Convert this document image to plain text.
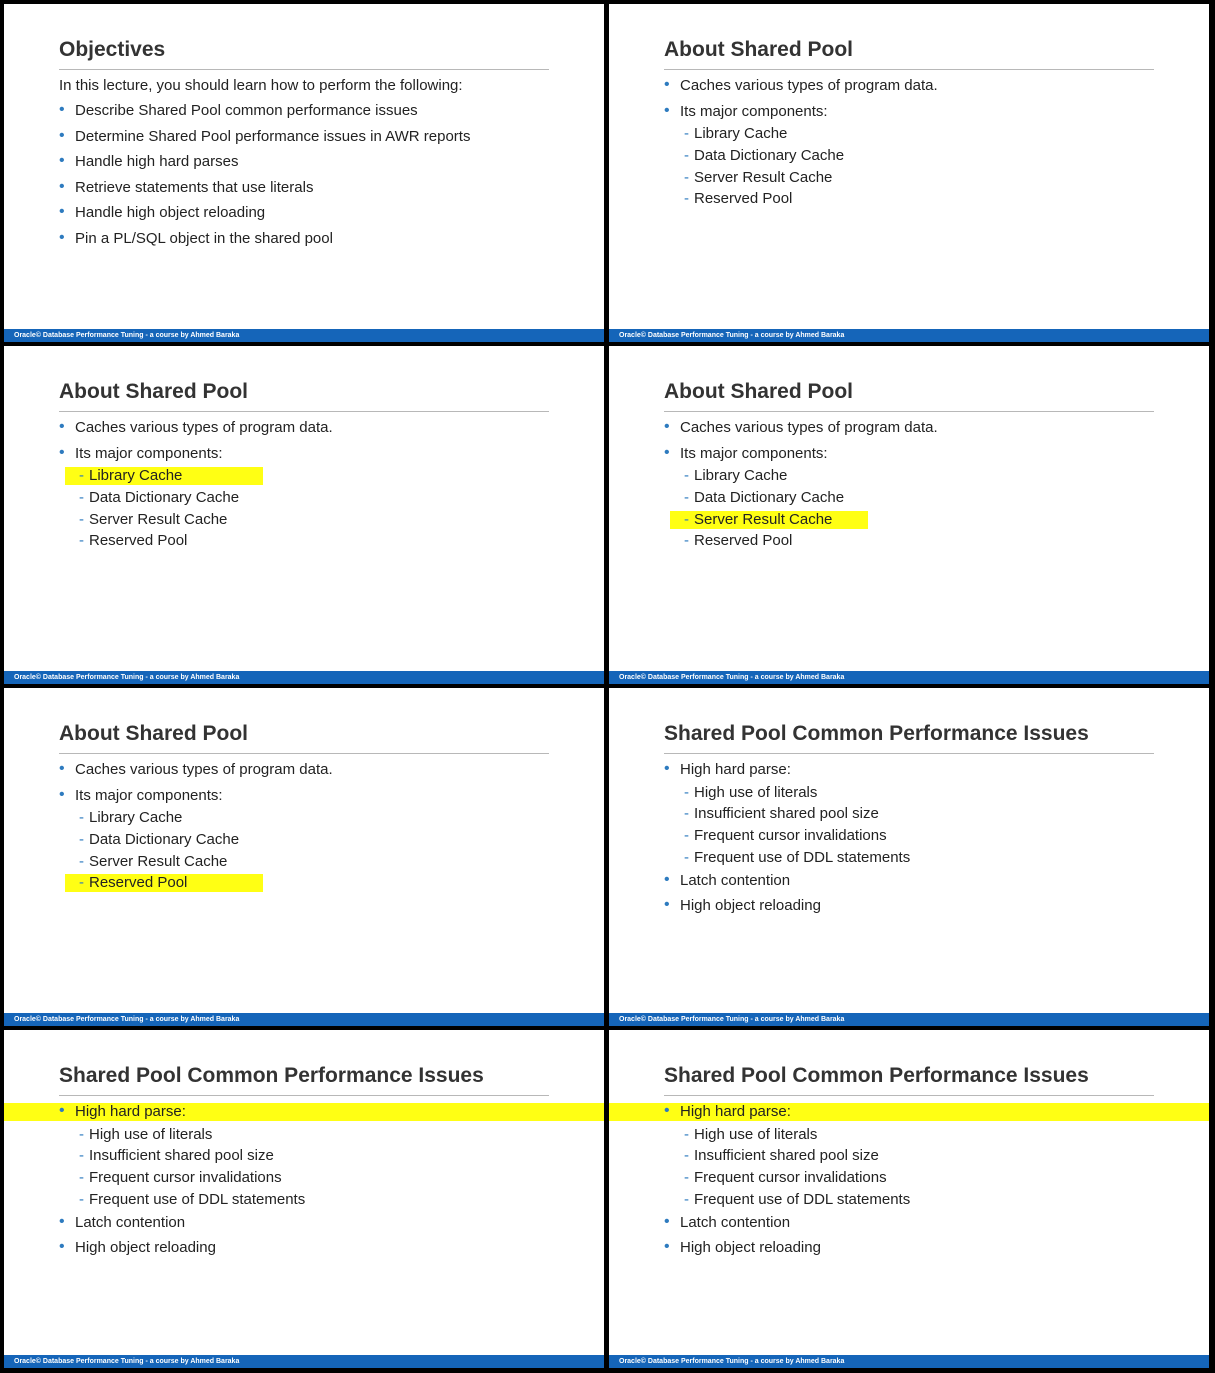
Objectives
In this lecture, you should learn how to perform the following:
• Describe Shared Pool common performance issues
• Determine Shared Pool performance issues in AWR reports
• Handle high hard parses
• Retrieve statements that use literals
• Handle high object reloading
• Pin a PL/SQL object in the shared pool
Oracle© Database Performance Tuning - a course by Ahmed Baraka
About Shared Pool
• Caches various types of program data.
• Its major components:
- Library Cache
- Data Dictionary Cache
- Server Result Cache
- Reserved Pool
Oracle© Database Performance Tuning - a course by Ahmed Baraka
About Shared Pool
• Caches various types of program data.
• Its major components:
- Library Cache
- Data Dictionary Cache
- Server Result Cache
- Reserved Pool
Oracle© Database Performance Tuning - a course by Ahmed Baraka
About Shared Pool
• Caches various types of program data.
• Its major components:
- Library Cache
- Data Dictionary Cache
- Server Result Cache
- Reserved Pool
Oracle© Database Performance Tuning - a course by Ahmed Baraka
About Shared Pool
• Caches various types of program data.
• Its major components:
- Library Cache
- Data Dictionary Cache
- Server Result Cache
- Reserved Pool
Oracle© Database Performance Tuning - a course by Ahmed Baraka
Shared Pool Common Performance Issues
• High hard parse:
- High use of literals
- Insufficient shared pool size
- Frequent cursor invalidations
- Frequent use of DDL statements
• Latch contention
• High object reloading
Oracle© Database Performance Tuning - a course by Ahmed Baraka
Shared Pool Common Performance Issues
• High hard parse:
- High use of literals
- Insufficient shared pool size
- Frequent cursor invalidations
- Frequent use of DDL statements
• Latch contention
• High object reloading
Oracle© Database Performance Tuning - a course by Ahmed Baraka
Shared Pool Common Performance Issues
• High hard parse:
- High use of literals
- Insufficient shared pool size
- Frequent cursor invalidations
- Frequent use of DDL statements
• Latch contention
• High object reloading
Oracle© Database Performance Tuning - a course by Ahmed Baraka
